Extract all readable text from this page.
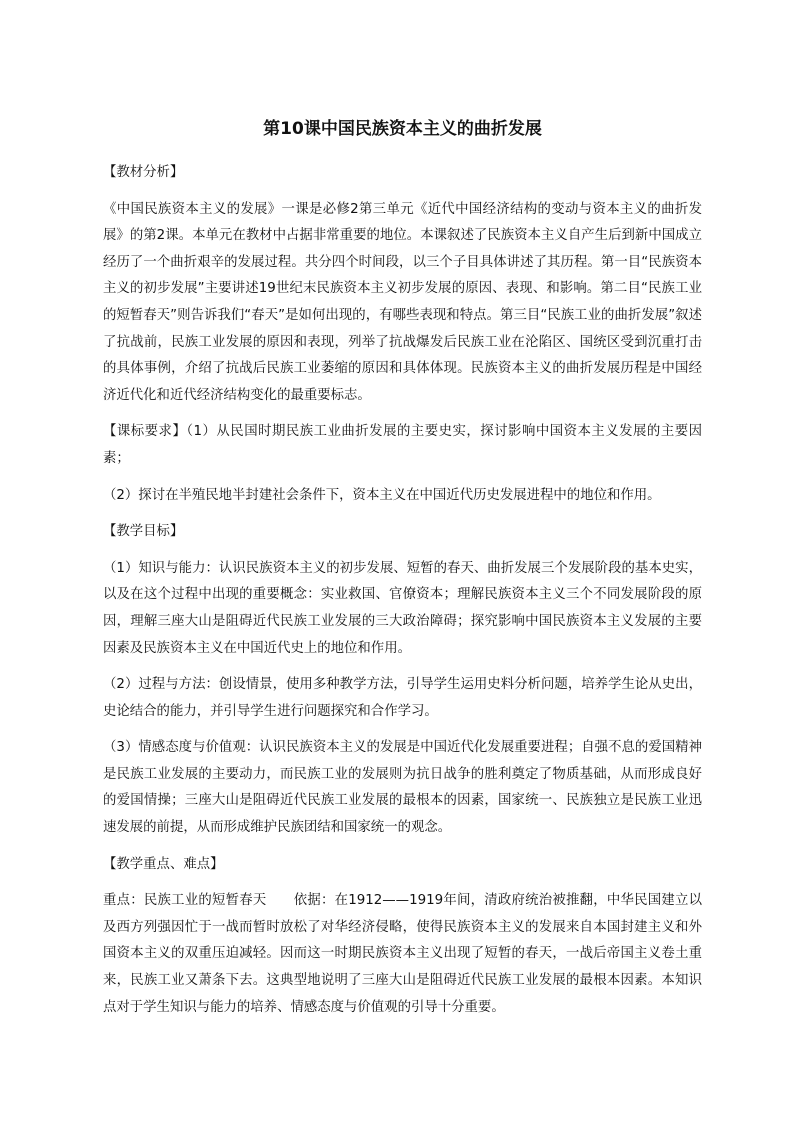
第10课中国民族资本主义的曲折发展

【教材分析】

《中国民族资本主义的发展》一课是必修2第三单元《近代中国经济结构的变动与资本主义的曲折发展》的第2课。本单元在教材中占据非常重要的地位。本课叙述了民族资本主义自产生后到新中国成立经历了一个曲折艰辛的发展过程。共分四个时间段，以三个子目具体讲述了其历程。第一目“民族资本主义的初步发展”主要讲述19世纪末民族资本主义初步发展的原因、表现、和影响。第二目“民族工业的短暂春天”则告诉我们“春天”是如何出现的，有哪些表现和特点。第三目“民族工业的曲折发展”叙述了抗战前，民族工业发展的原因和表现，列举了抗战爆发后民族工业在沦陷区、国统区受到沉重打击的具体事例，介绍了抗战后民族工业萎缩的原因和具体体现。民族资本主义的曲折发展历程是中国经济近代化和近代经济结构变化的最重要标志。

【课标要求】（1）从民国时期民族工业曲折发展的主要史实，探讨影响中国资本主义发展的主要因素；

（2）探讨在半殖民地半封建社会条件下，资本主义在中国近代历史发展进程中的地位和作用。

【教学目标】

（1）知识与能力：认识民族资本主义的初步发展、短暂的春天、曲折发展三个发展阶段的基本史实，以及在这个过程中出现的重要概念：实业救国、官僚资本；理解民族资本主义三个不同发展阶段的原因，理解三座大山是阻碍近代民族工业发展的三大政治障碍；探究影响中国民族资本主义发展的主要因素及民族资本主义在中国近代史上的地位和作用。

（2）过程与方法：创设情景，使用多种教学方法，引导学生运用史料分析问题，培养学生论从史出，史论结合的能力，并引导学生进行问题探究和合作学习。

（3）情感态度与价值观：认识民族资本主义的发展是中国近代化发展重要进程；自强不息的爱国精神是民族工业发展的主要动力，而民族工业的发展则为抗日战争的胜利奠定了物质基础，从而形成良好的爱国情操；三座大山是阻碍近代民族工业发展的最根本的因素，国家统一、民族独立是民族工业迅速发展的前提，从而形成维护民族团结和国家统一的观念。

【教学重点、难点】

重点：民族工业的短暂春天　　依据：在1912——1919年间，清政府统治被推翻，中华民国建立以及西方列强因忙于一战而暂时放松了对华经济侵略，使得民族资本主义的发展来自本国封建主义和外国资本主义的双重压迫减轻。因而这一时期民族资本主义出现了短暂的春天，一战后帝国主义卷土重来，民族工业又萧条下去。这典型地说明了三座大山是阻碍近代民族工业发展的最根本因素。本知识点对于学生知识与能力的培养、情感态度与价值观的引导十分重要。
